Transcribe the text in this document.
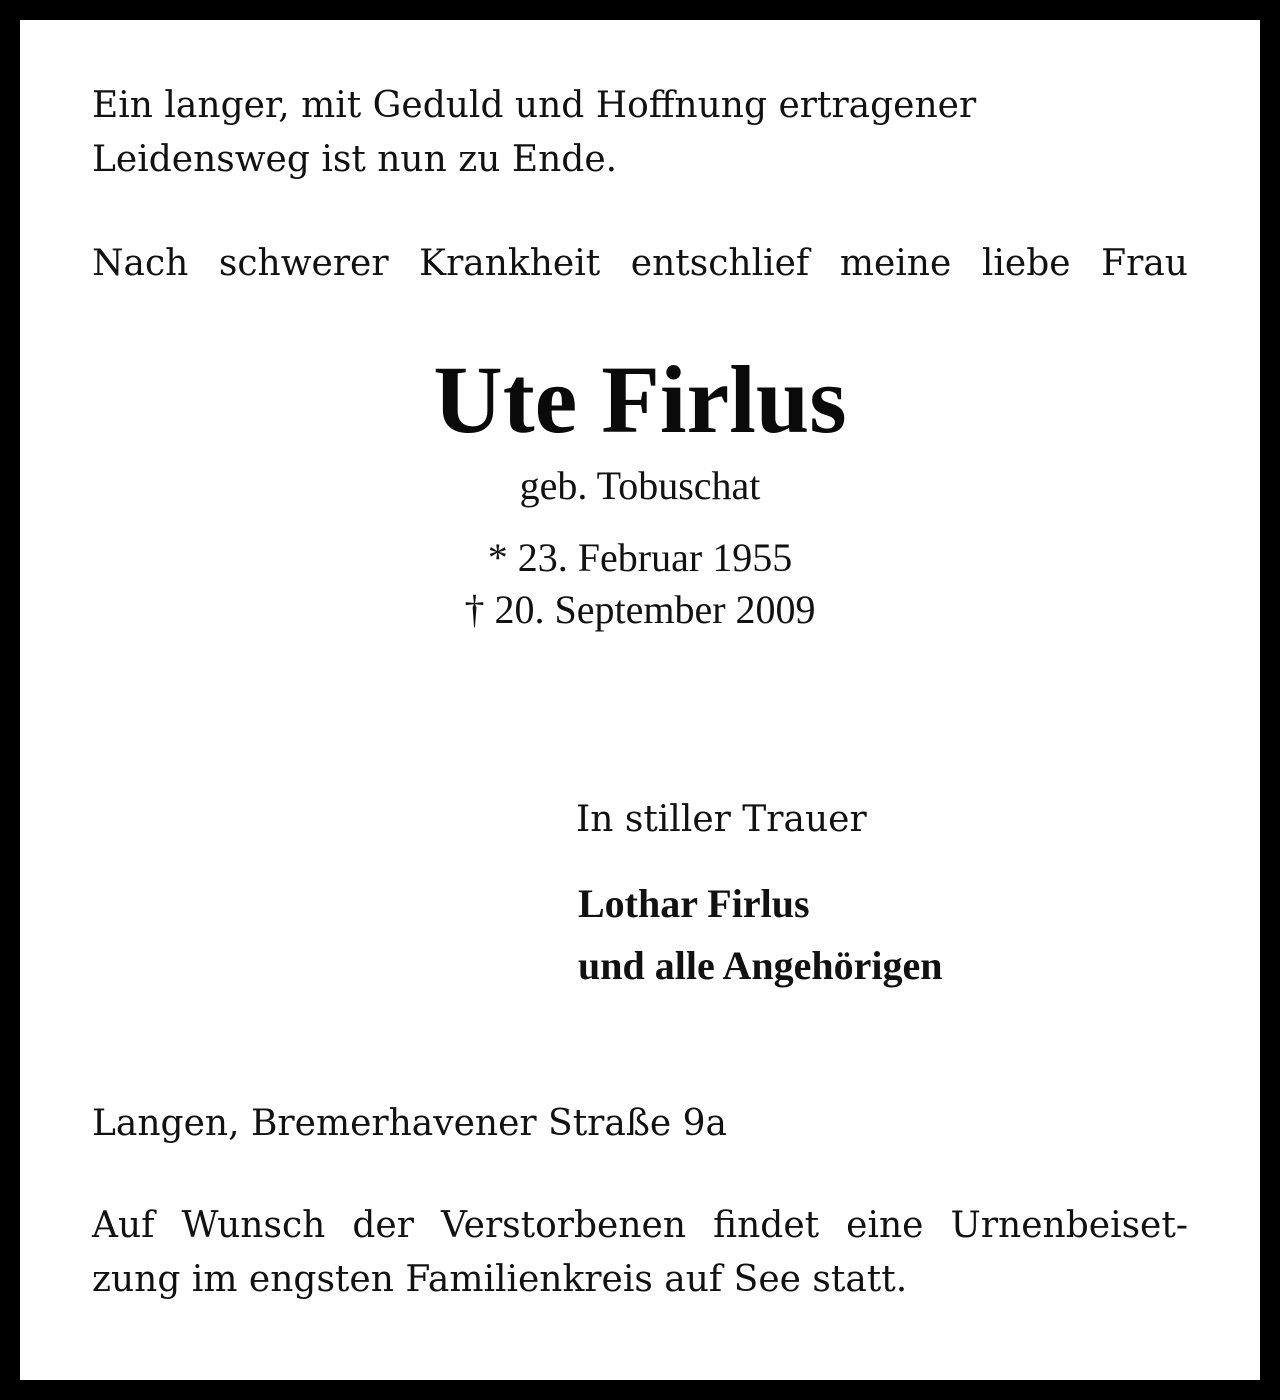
Ein langer, mit Geduld und Hoffnung ertragener

Leidensweg ist nun zu Ende.

Nach schwerer Krankheit entschlief meine liebe Frau

Ute Firlus

geb. Tobuschat

* 23. Februar 1955

† 20. September 2009

In stiller Trauer

Lothar Firlus

und alle Angehörigen

Langen, Bremerhavener Straße 9a

Auf Wunsch der Verstorbenen findet eine Urnenbeiset-

zung im engsten Familienkreis auf See statt.
